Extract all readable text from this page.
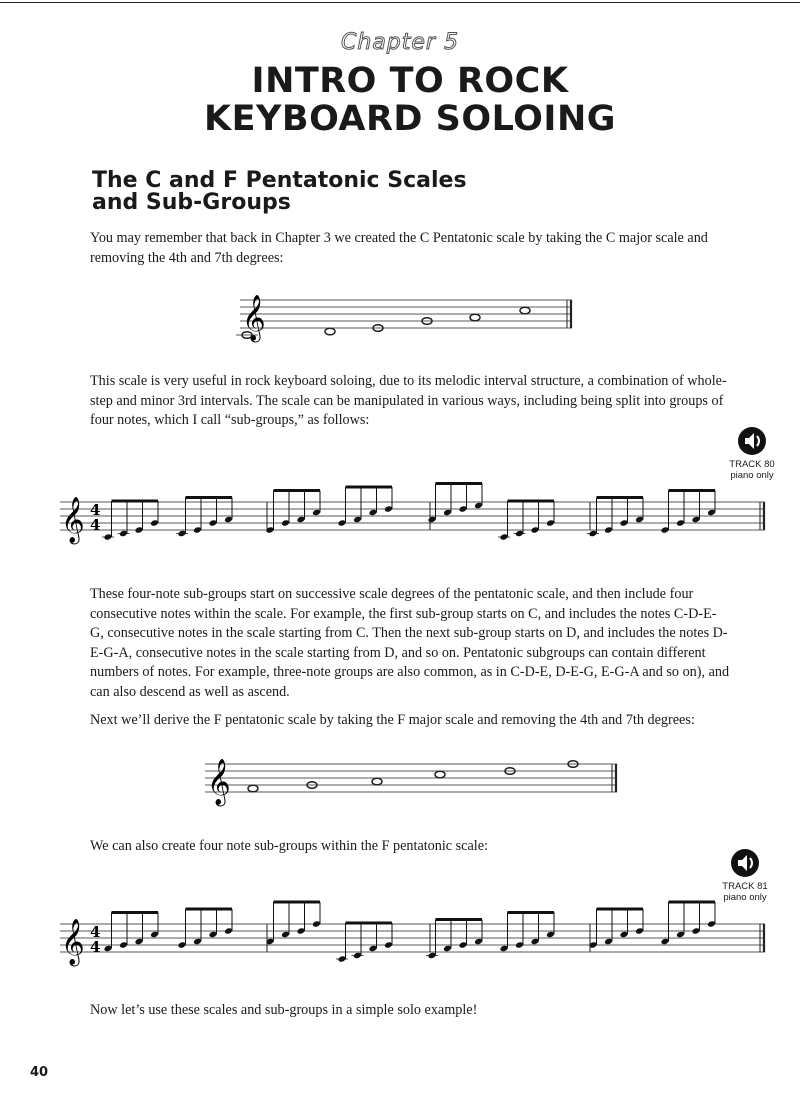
Chapter 5
INTRO TO ROCK
KEYBOARD SOLOING
The C and F Pentatonic Scales
and Sub-Groups

You may remember that back in Chapter 3 we created the C Pentatonic scale by taking the C major scale and removing the 4th and 7th degrees:

𝄞

This scale is very useful in rock keyboard soloing, due to its melodic interval structure, a combination of whole-step and minor 3rd intervals. The scale can be manipulated in various ways, including being split into groups of four notes, which I call “sub-groups,” as follows:

TRACK 80
piano only
𝄞 4
4

These four-note sub-groups start on successive scale degrees of the pentatonic scale, and then include four consecutive notes within the scale. For example, the first sub-group starts on C, and includes the notes C-D-E-G, consecutive notes in the scale starting from C. Then the next sub-group starts on D, and includes the notes D-E-G-A, consecutive notes in the scale starting from D, and so on. Pentatonic subgroups can contain different numbers of notes. For example, three-note groups are also common, as in C-D-E, D-E-G, E-G-A and so on), and can also descend as well as ascend.

Next we’ll derive the F pentatonic scale by taking the F major scale and removing the 4th and 7th degrees:

𝄞

We can also create four note sub-groups within the F pentatonic scale:

TRACK 81
piano only
𝄞 4
4

Now let’s use these scales and sub-groups in a simple solo example!

40
